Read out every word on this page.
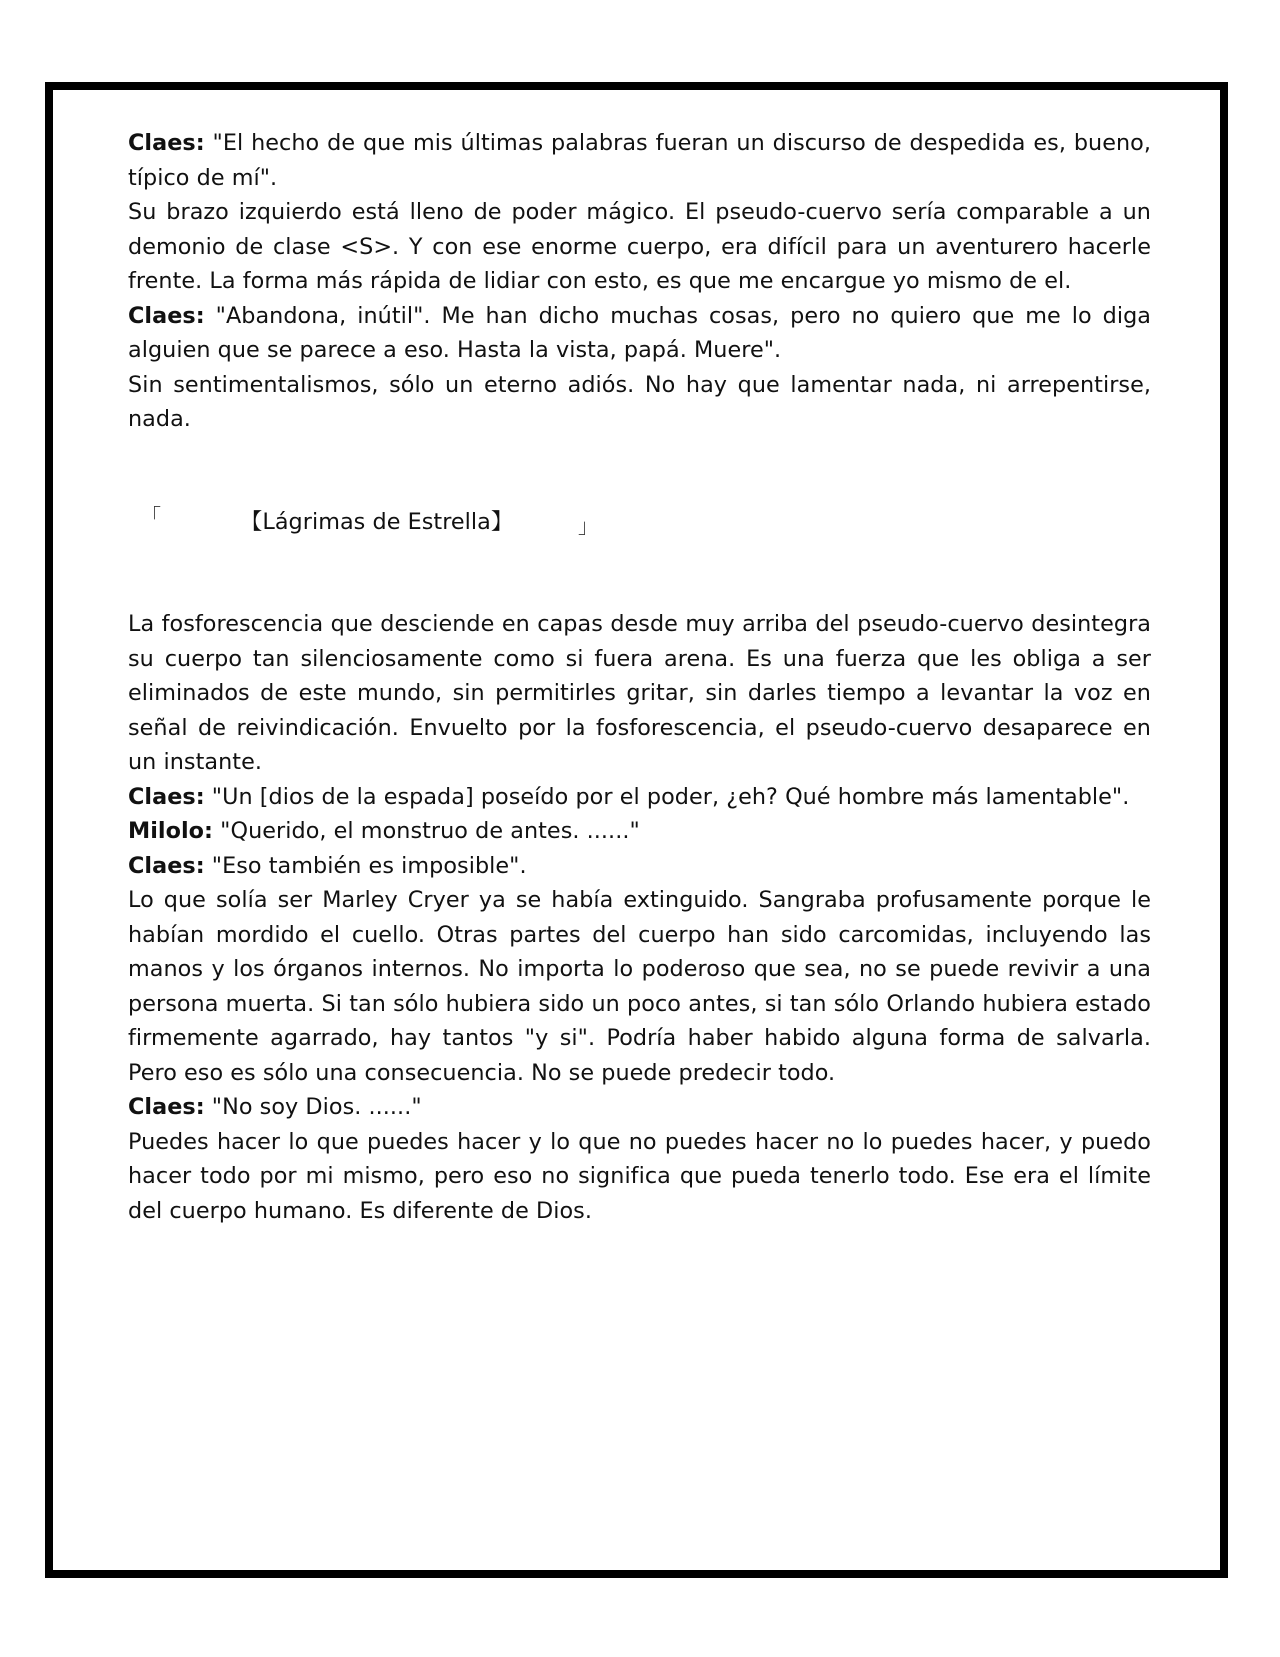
Claes: "El hecho de que mis últimas palabras fueran un discurso de despedida es, bueno, típico de mí".

Su brazo izquierdo está lleno de poder mágico. El pseudo-cuervo sería comparable a un demonio de clase <S>. Y con ese enorme cuerpo, era difícil para un aventurero hacerle frente. La forma más rápida de lidiar con esto, es que me encargue yo mismo de el.

Claes: "Abandona, inútil". Me han dicho muchas cosas, pero no quiero que me lo diga alguien que se parece a eso. Hasta la vista, papá. Muere".

Sin sentimentalismos, sólo un eterno adiós. No hay que lamentar nada, ni arrepentirse, nada.

「	【Lágrimas de Estrella】	」

La fosforescencia que desciende en capas desde muy arriba del pseudo-cuervo desintegra su cuerpo tan silenciosamente como si fuera arena. Es una fuerza que les obliga a ser eliminados de este mundo, sin permitirles gritar, sin darles tiempo a levantar la voz en señal de reivindicación. Envuelto por la fosforescencia, el pseudo-cuervo desaparece en un instante.

Claes: "Un [dios de la espada] poseído por el poder, ¿eh? Qué hombre más lamentable".

Milolo: "Querido, el monstruo de antes. ......"

Claes: "Eso también es imposible".

Lo que solía ser Marley Cryer ya se había extinguido. Sangraba profusamente porque le habían mordido el cuello. Otras partes del cuerpo han sido carcomidas, incluyendo las manos y los órganos internos. No importa lo poderoso que sea, no se puede revivir a una persona muerta. Si tan sólo hubiera sido un poco antes, si tan sólo Orlando hubiera estado firmemente agarrado, hay tantos "y si". Podría haber habido alguna forma de salvarla. Pero eso es sólo una consecuencia. No se puede predecir todo.

Claes: "No soy Dios. ......"

Puedes hacer lo que puedes hacer y lo que no puedes hacer no lo puedes hacer, y puedo hacer todo por mi mismo, pero eso no significa que pueda tenerlo todo. Ese era el límite del cuerpo humano. Es diferente de Dios.
